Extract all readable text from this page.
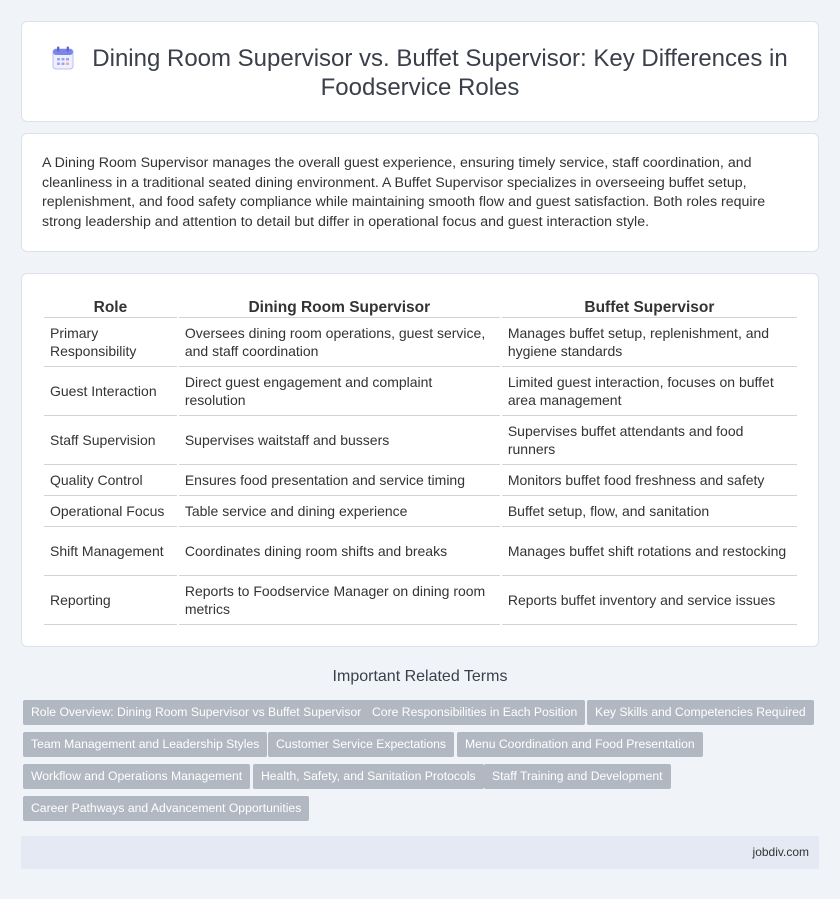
Dining Room Supervisor vs. Buffet Supervisor: Key Differences in Foodservice Roles

A Dining Room Supervisor manages the overall guest experience, ensuring timely service, staff coordination, and cleanliness in a traditional seated dining environment. A Buffet Supervisor specializes in overseeing buffet setup, replenishment, and food safety compliance while maintaining smooth flow and guest satisfaction. Both roles require strong leadership and attention to detail but differ in operational focus and guest interaction style.

Role	Dining Room Supervisor	Buffet Supervisor
Primary Responsibility	Oversees dining room operations, guest service, and staff coordination	Manages buffet setup, replenishment, and hygiene standards
Guest Interaction	Direct guest engagement and complaint resolution	Limited guest interaction, focuses on buffet area management
Staff Supervision	Supervises waitstaff and bussers	Supervises buffet attendants and food runners
Quality Control	Ensures food presentation and service timing	Monitors buffet food freshness and safety
Operational Focus	Table service and dining experience	Buffet setup, flow, and sanitation
Shift Management	Coordinates dining room shifts and breaks	Manages buffet shift rotations and restocking
Reporting	Reports to Foodservice Manager on dining room metrics	Reports buffet inventory and service issues
Important Related Terms
Role Overview: Dining Room Supervisor vs Buffet Supervisor Core Responsibilities in Each Position	Key Skills and Competencies Required
Team Management and Leadership Styles	Customer Service Expectations	Menu Coordination and Food Presentation
Workflow and Operations Management	Health, Safety, and Sanitation Protocols	Staff Training and Development
Career Pathways and Advancement Opportunities
jobdiv.com
